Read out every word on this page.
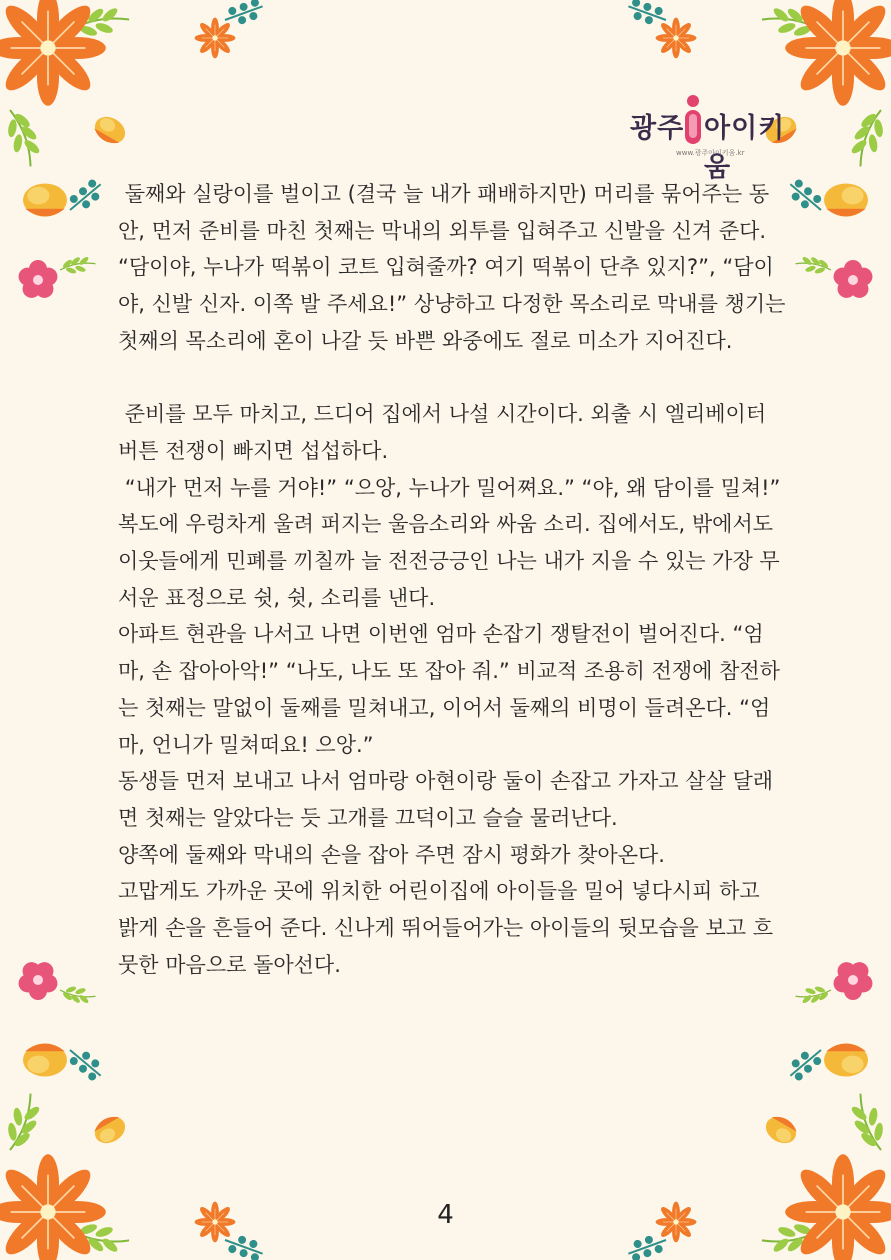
광주 아이키움
www.광주아이키움.kr

둘째와 실랑이를 벌이고 (결국 늘 내가 패배하지만) 머리를 묶어주는 동안, 먼저 준비를 마친 첫째는 막내의 외투를 입혀주고 신발을 신겨 준다. “담이야, 누나가 떡볶이 코트 입혀줄까? 여기 떡볶이 단추 있지?”, “담이야, 신발 신자. 이쪽 발 주세요!” 상냥하고 다정한 목소리로 막내를 챙기는 첫째의 목소리에 혼이 나갈 듯 바쁜 와중에도 절로 미소가 지어진다.

준비를 모두 마치고, 드디어 집에서 나설 시간이다. 외출 시 엘리베이터 버튼 전쟁이 빠지면 섭섭하다.

“내가 먼저 누를 거야!” “으앙, 누나가 밀어쪄요.” “야, 왜 담이를 밀쳐!” 복도에 우렁차게 울려 퍼지는 울음소리와 싸움 소리. 집에서도, 밖에서도 이웃들에게 민폐를 끼칠까 늘 전전긍긍인 나는 내가 지을 수 있는 가장 무서운 표정으로 쉿, 쉿, 소리를 낸다.

아파트 현관을 나서고 나면 이번엔 엄마 손잡기 쟁탈전이 벌어진다. “엄마, 손 잡아아악!” “나도, 나도 또 잡아 줘.” 비교적 조용히 전쟁에 참전하는 첫째는 말없이 둘째를 밀쳐내고, 이어서 둘째의 비명이 들려온다. “엄마, 언니가 밀쳐떠요! 으앙.”

동생들 먼저 보내고 나서 엄마랑 아현이랑 둘이 손잡고 가자고 살살 달래면 첫째는 알았다는 듯 고개를 끄덕이고 슬슬 물러난다.

양쪽에 둘째와 막내의 손을 잡아 주면 잠시 평화가 찾아온다.

고맙게도 가까운 곳에 위치한 어린이집에 아이들을 밀어 넣다시피 하고 밝게 손을 흔들어 준다. 신나게 뛰어들어가는 아이들의 뒷모습을 보고 흐뭇한 마음으로 돌아선다.

4
